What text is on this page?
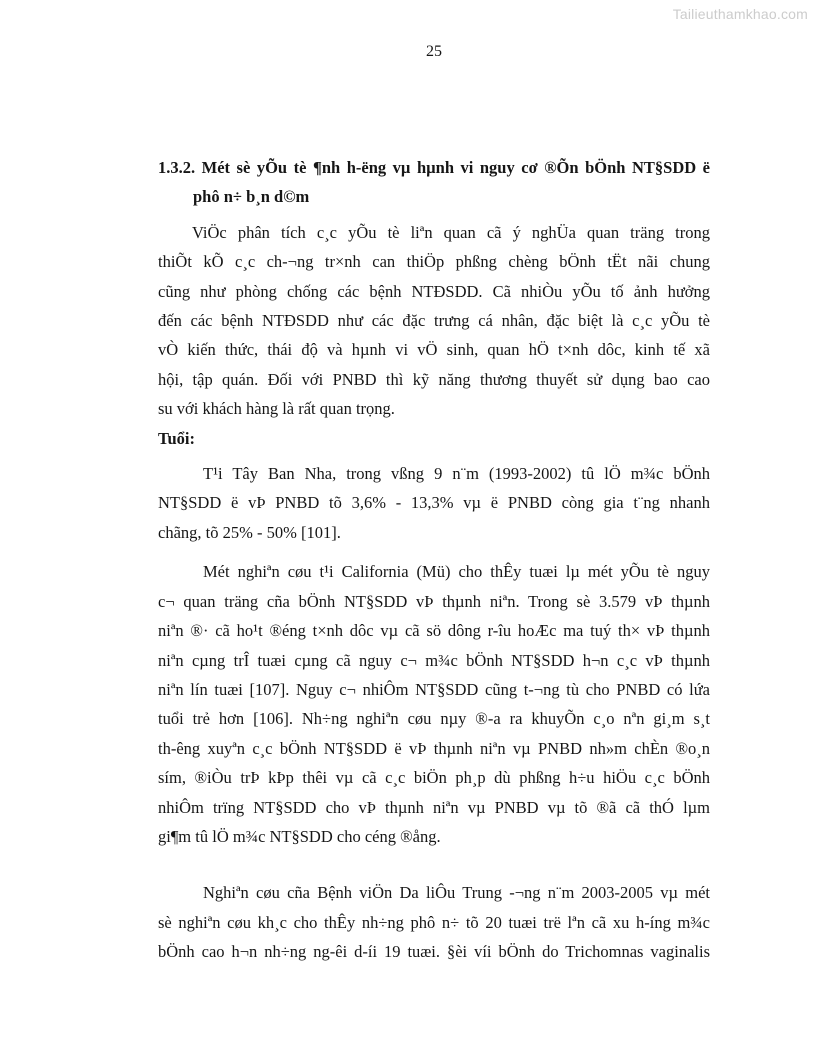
Tailieuthamkhao.com
25
1.3.2. Mét sè yÕu tè ¶nh h-ëng vµ hµnh vi nguy cơ ®Õn bÖnh NT§SDD ë
phô n÷ b¸n d©m
ViÖc phân tích c¸c yÕu tè liªn quan cã ý nghÜa quan träng trong
thiÕt kÕ c¸c ch-¬ng tr×nh can thiÖp phßng chèng bÖnh tËt nãi chung
cũng như phòng chống các bệnh NTĐSDD. Cã nhiÒu yÕu tố ảnh hưởng
đến các bệnh NTĐSDD như các đặc trưng cá nhân, đặc biệt là c¸c yÕu tè
vÒ kiến thức, thái độ và hµnh vi vÖ sinh, quan hÖ t×nh dôc, kinh tế xã
hội, tập quán. Đối với PNBD thì kỹ năng thương thuyết sử dụng bao cao
su với khách hàng là rất quan trọng.
Tuổi:
T¹i Tây Ban Nha, trong vßng 9 n¨m (1993-2002) tû lÖ m¾c bÖnh
NT§SDD ë vÞ PNBD tõ 3,6% - 13,3% vµ ë PNBD còng gia t¨ng nhanh
chãng, tõ 25% - 50% [101].
Mét nghiªn cøu t¹i California (Mü) cho thÊy tuæi lµ mét yÕu tè nguy
c¬ quan träng cña bÖnh NT§SDD vÞ thµnh niªn. Trong sè 3.579 vÞ thµnh
niªn ®· cã ho¹t ®éng t×nh dôc vµ cã sö dông r-îu hoÆc ma tuý th× vÞ thµnh
niªn cµng trÎ tuæi cµng cã nguy c¬ m¾c bÖnh NT§SDD h¬n c¸c vÞ thµnh
niªn lín tuæi [107]. Nguy c¬ nhiÔm NT§SDD cũng t-¬ng tù cho PNBD có lứa
tuổi trẻ hơn [106]. Nh÷ng nghiªn cøu nµy ®-a ra khuyÕn c¸o nªn gi¸m s¸t
th-êng xuyªn c¸c bÖnh NT§SDD ë vÞ thµnh niªn vµ PNBD nh»m chÈn ®o¸n
sím, ®iÒu trÞ kÞp thêi vµ cã c¸c biÖn ph¸p dù phßng h÷u hiÖu c¸c bÖnh
nhiÔm trïng NT§SDD cho vÞ thµnh niªn vµ PNBD vµ tõ ®ã cã thÓ lµm
gi¶m tû lÖ m¾c NT§SDD cho céng ®ång.
Nghiªn cøu cña Bệnh viÖn Da liÔu Trung -¬ng n¨m 2003-2005 vµ mét
sè nghiªn cøu kh¸c cho thÊy nh÷ng phô n÷ tõ 20 tuæi trë lªn cã xu h-íng m¾c
bÖnh cao h¬n nh÷ng ng-êi d-íi 19 tuæi. §èi víi bÖnh do Trichomnas vaginalis
